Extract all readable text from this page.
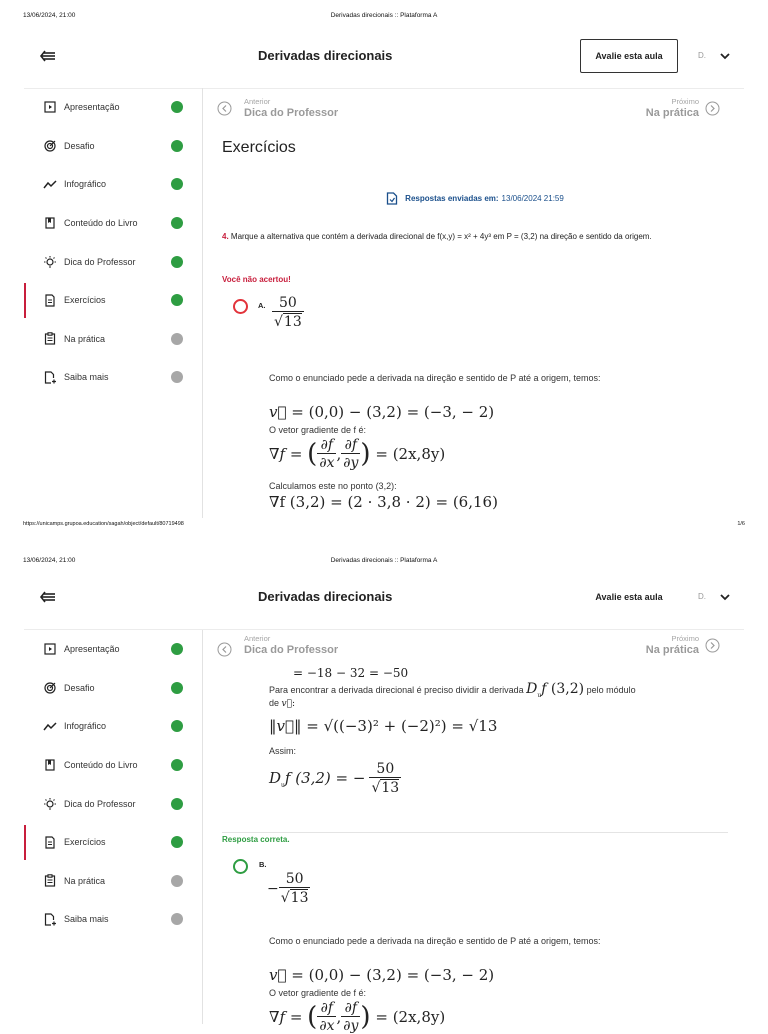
13/06/2024, 21:00	Derivadas direcionais :: Plataforma A
Derivadas direcionais	Avalie esta aula	D.
Apresentação
Desafio
Infográfico
Conteúdo do Livro
Dica do Professor
Exercícios
Na prática
Saiba mais
Anterior
Dica do Professor
Próximo
Na prática
Exercícios
Respostas enviadas em: 13/06/2024 21:59
4. Marque a alternativa que contém a derivada direcional de f(x,y) = x² + 4y³ em P = (3,2) na direção e sentido da origem.
Você não acertou!
A. $\frac{50}{√13}$
Como o enunciado pede a derivada na direção e sentido de P até a origem, temos:
v⃗ = (0,0) − (3,2) = (−3, − 2)
O vetor gradiente de f é:
∇f = ( $\frac{\partial f}{\partial x}$ , $\frac{\partial f}{\partial y}$ )
= (2x,8y)
Calculamos este no ponto (3,2):
∇f (3,2) = (2 · 3,8 · 2) = (6,16)
https://unicamps.grupoa.education/sagah/object/default/80719498	1/6
13/06/2024, 21:00	Derivadas direcionais :: Plataforma A
Derivadas direcionais	Avalie esta aula	D.
Apresentação
Desafio
Infográfico
Conteúdo do Livro
Dica do Professor
Exercícios
Na prática
Saiba mais
= −18 − 32 = −50
Anterior
Dica do Professor
Próximo
Na prática
Para encontrar a derivada direcional é preciso dividir a derivada $D_uf$ (3,2) pelo módulo
de v⃗:
‖v⃗‖ = √((−3)² + (−2)²) = √13
Assim:
$D_uf$ (3,2) = − $\frac{50}{√13}$
Resposta correta.
B.
− $\frac{50}{√13}$
Como o enunciado pede a derivada na direção e sentido de P até a origem, temos:
v⃗ = (0,0) − (3,2) = (−3, − 2)
O vetor gradiente de f é:
∇f = ( $\frac{\partial f}{\partial x}$ , $\frac{\partial f}{\partial y}$ )
= (2x,8y)
